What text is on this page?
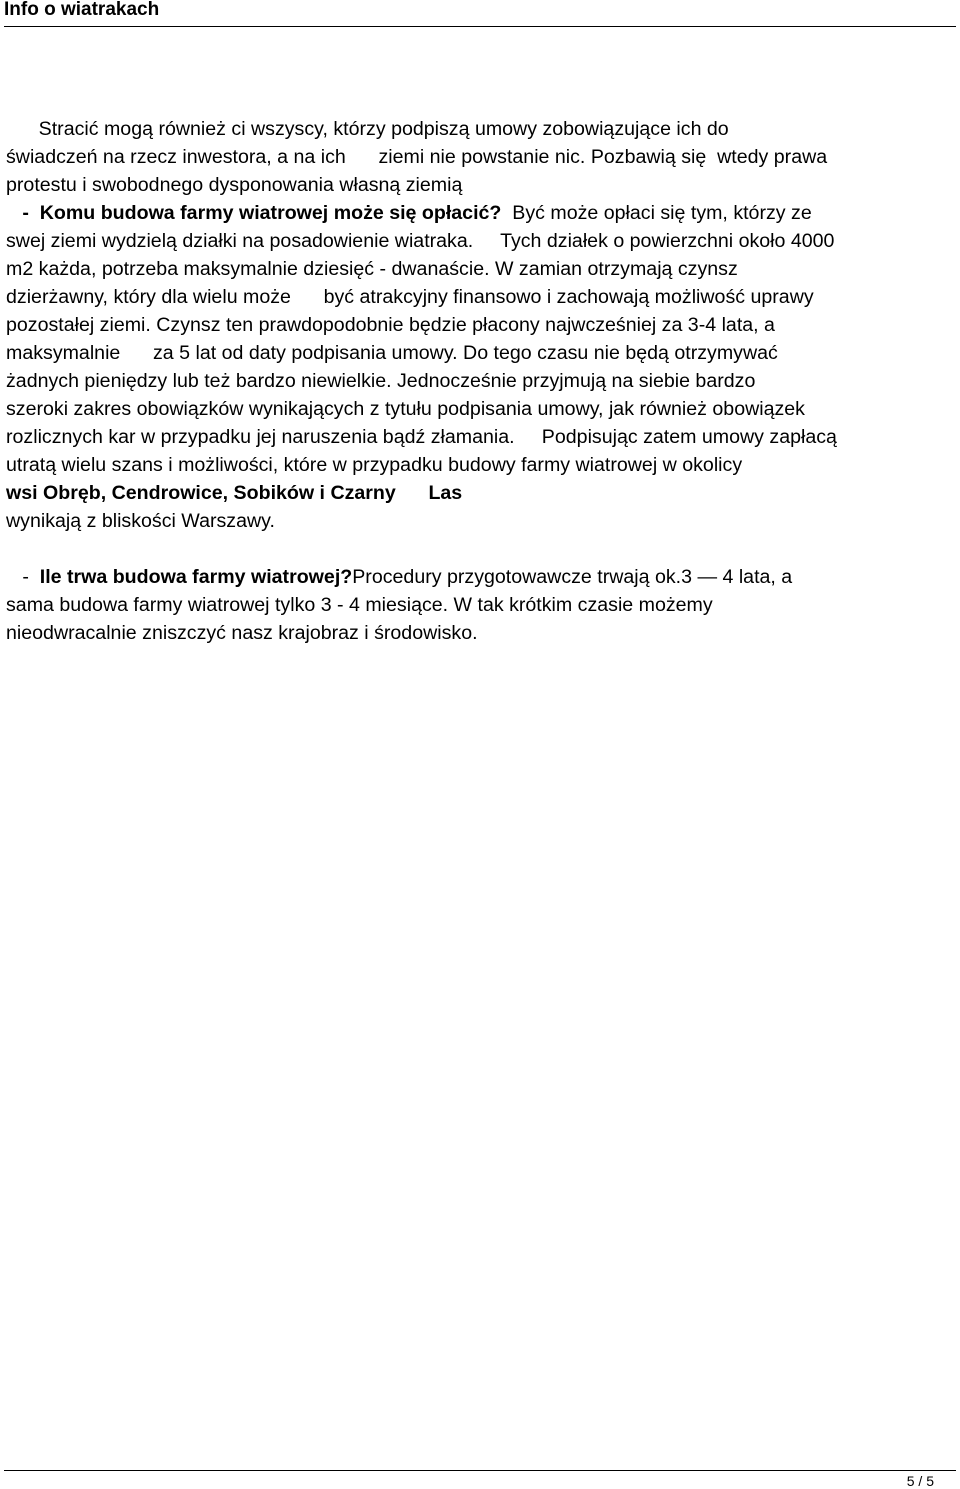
Info o wiatrakach
Stracić mogą również ci wszyscy, którzy podpiszą umowy zobowiązujące ich do
świadczeń na rzecz inwestora, a na ich      ziemi nie powstanie nic. Pozbawią się  wtedy prawa
protestu i swobodnego dysponowania własną ziemią
-  Komu budowa farmy wiatrowej może się opłacić?  Być może opłaci się tym, którzy ze
swej ziemi wydzielą działki na posadowienie wiatraka.     Tych działek o powierzchni około 4000
m2 każda, potrzeba maksymalnie dziesięć - dwanaście. W zamian otrzymają czynsz
dzierżawny, który dla wielu może      być atrakcyjny finansowo i zachowają możliwość uprawy
pozostałej ziemi. Czynsz ten prawdopodobnie będzie płacony najwcześniej za 3-4 lata, a
maksymalnie      za 5 lat od daty podpisania umowy. Do tego czasu nie będą otrzymywać
żadnych pieniędzy lub też bardzo niewielkie. Jednocześnie przyjmują na siebie bardzo
szeroki zakres obowiązków wynikających z tytułu podpisania umowy, jak również obowiązek
rozlicznych kar w przypadku jej naruszenia bądź złamania.     Podpisując zatem umowy zapłacą
utratą wielu szans i możliwości, które w przypadku budowy farmy wiatrowej w okolicy
wsi Obręb, Cendrowice, Sobików i Czarny      Las
wynikają z bliskości Warszawy.
-  Ile trwa budowa farmy wiatrowej?Procedury przygotowawcze trwają ok.3 — 4 lata, a
sama budowa farmy wiatrowej tylko 3 - 4 miesiące. W tak krótkim czasie możemy
nieodwracalnie zniszczyć nasz krajobraz i środowisko.
5 / 5
